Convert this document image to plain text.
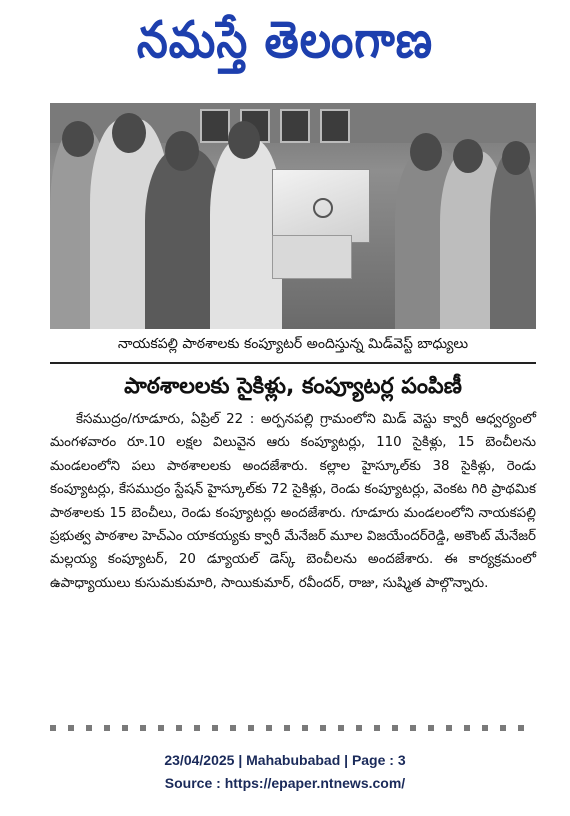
నమస్తే తెలంగాణ
నాయకపల్లి పాఠశాలకు కంప్యూటర్ అందిస్తున్న మిడ్‌వెస్ట్ బాధ్యులు
పాఠశాలలకు సైకిళ్లు, కంప్యూటర్ల పంపిణీ

కేసముద్రం/గూడూరు, ఏప్రిల్ 22 : అర్పనపల్లి గ్రామంలోని మిడ్ వెస్టు క్వారీ ఆధ్వర్యంలో మంగళవారం రూ.10 లక్షల విలువైన ఆరు కంప్యూటర్లు, 110 సైకిళ్లు, 15 బెంచీలను మండలంలోని పలు పాఠశాలలకు అందజేశారు. కల్లాల హైస్కూల్‌కు 38 సైకిళ్లు, రెండు కంప్యూటర్లు, కేసముద్రం స్టేషన్ హైస్కూల్‌కు 72 సైకిళ్లు, రెండు కంప్యూటర్లు, వెంకట గిరి ప్రాథమిక పాఠశాలకు 15 బెంచీలు, రెండు కంప్యూటర్లు అందజేశారు. గూడూరు మండలంలోని నాయకపల్లి ప్రభుత్వ పాఠశాల హెచ్ఎం యాకయ్యకు క్వారీ మేనేజర్ మూల విజయేందర్‌రెడ్డి, అకౌంట్ మేనేజర్ మల్లయ్య కంప్యూటర్, 20 డ్యూయల్ డెస్క్ బెంచీలను అందజేశారు. ఈ కార్యక్రమంలో ఉపాధ్యాయులు కుసుమకుమారి, సాయికుమార్, రవీందర్, రాజు, సుష్మిత పాల్గొన్నారు.

23/04/2025 | Mahabubabad | Page : 3
Source : https://epaper.ntnews.com/
